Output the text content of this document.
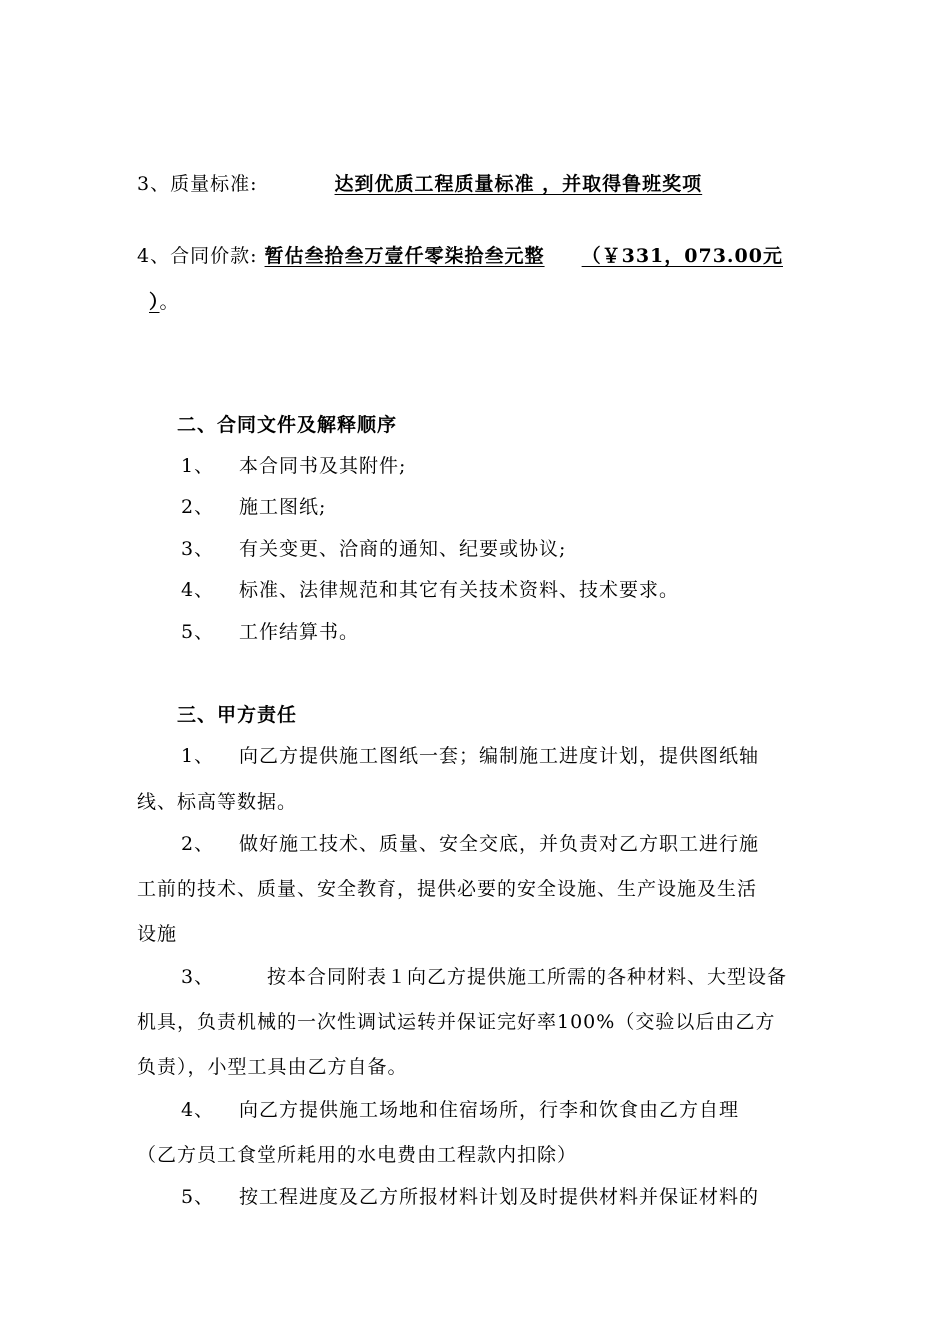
3、质量标准:	达到优质工程质量标准 ，并取得鲁班奖项
4、合同价款: 暂估叁拾叁万壹仟零柒拾叁元整 （￥331，073.00元
）。
二、合同文件及解释顺序
1、 本合同书及其附件;
2、 施工图纸;
3、 有关变更、洽商的通知、纪要或协议;
4、 标准、法律规范和其它有关技术资料、技术要求。
5、 工作结算书。
三、甲方责任
1、 向乙方提供施工图纸一套；编制施工进度计划，提供图纸轴
线、标高等数据。
2、 做好施工技术、质量、安全交底，并负责对乙方职工进行施
工前的技术、质量、安全教育，提供必要的安全设施、生产设施及生活
设施
3、	按本合同附表１向乙方提供施工所需的各种材料、大型设备
机具，负责机械的一次性调试运转并保证完好率100%（交验以后由乙方
负责），小型工具由乙方自备。
4、 向乙方提供施工场地和住宿场所，行李和饮食由乙方自理
（乙方员工食堂所耗用的水电费由工程款内扣除）
5、 按工程进度及乙方所报材料计划及时提供材料并保证材料的
